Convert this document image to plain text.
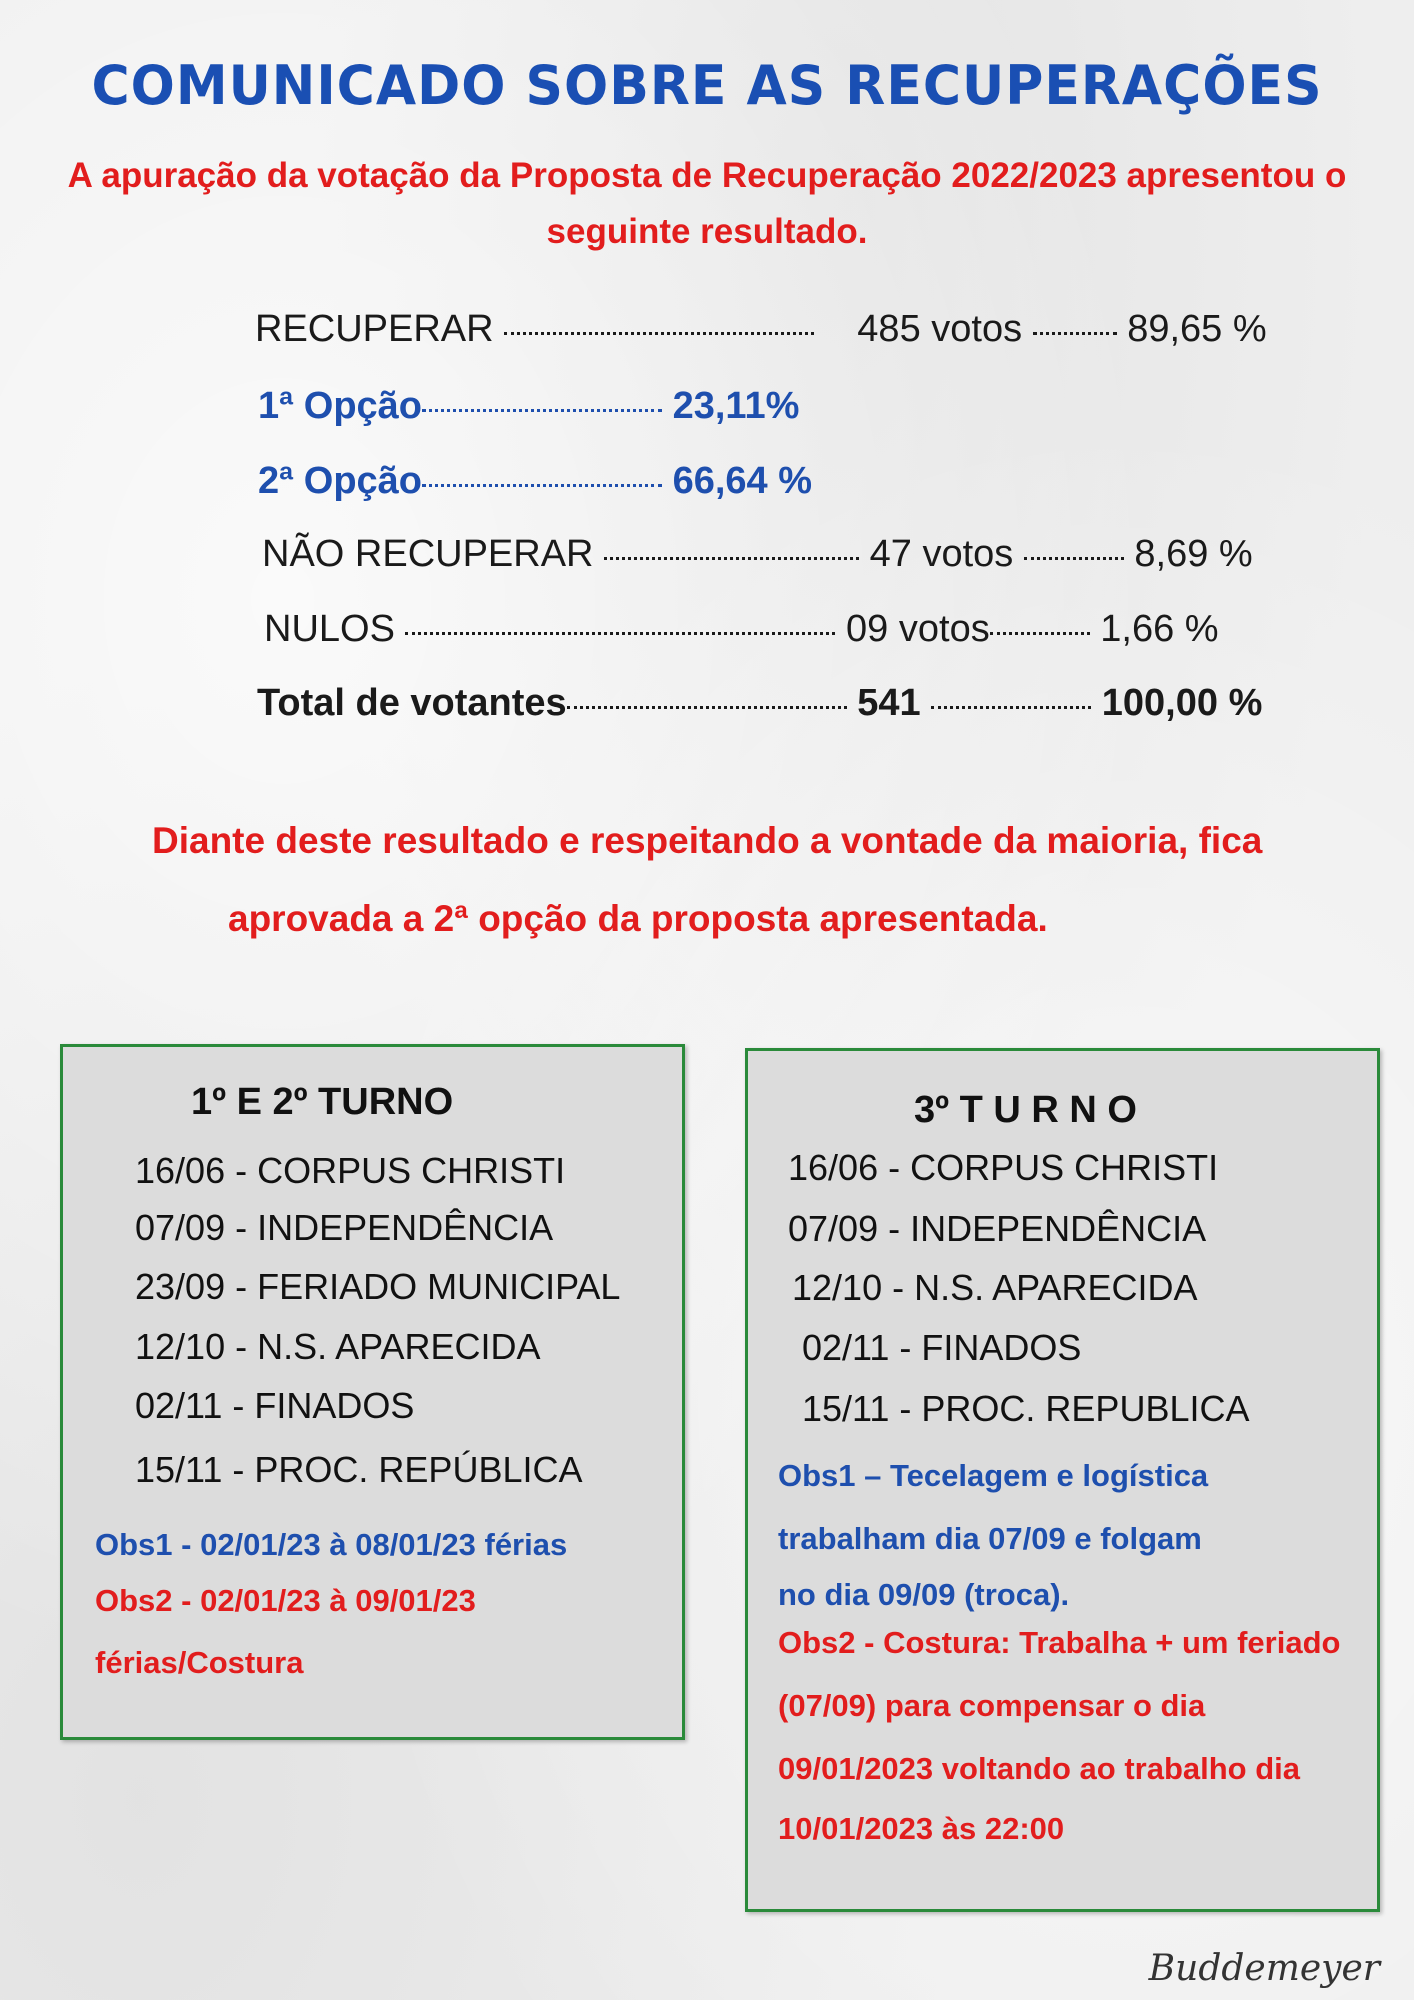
COMUNICADO SOBRE AS RECUPERAÇÕES
A apuração da votação da Proposta de Recuperação 2022/2023 apresentou o
seguinte resultado.
RECUPERAR	485 votos	89,65 %
1ª Opção	23,11%
2ª Opção	66,64 %
NÃO RECUPERAR	47 votos	8,69 %
NULOS	09 votos	1,66 %
Total de votantes	541	100,00 %
Diante deste resultado e respeitando a vontade da maioria, fica
aprovada a 2ª opção da proposta apresentada.
1º E 2º TURNO
16/06 - CORPUS CHRISTI
07/09 - INDEPENDÊNCIA
23/09 - FERIADO MUNICIPAL
12/10 - N.S. APARECIDA
02/11 - FINADOS
15/11 - PROC. REPÚBLICA
Obs1 - 02/01/23 à 08/01/23 férias
Obs2 - 02/01/23 à 09/01/23
férias/Costura
3º T U R N O
16/06 - CORPUS CHRISTI
07/09 - INDEPENDÊNCIA
12/10 - N.S. APARECIDA
02/11 - FINADOS
15/11 - PROC. REPUBLICA
Obs1 – Tecelagem e logística
trabalham dia 07/09 e folgam
no dia 09/09 (troca).
Obs2 - Costura: Trabalha + um feriado
(07/09) para compensar o dia
09/01/2023 voltando ao trabalho dia
10/01/2023 às 22:00
Buddemeyer
